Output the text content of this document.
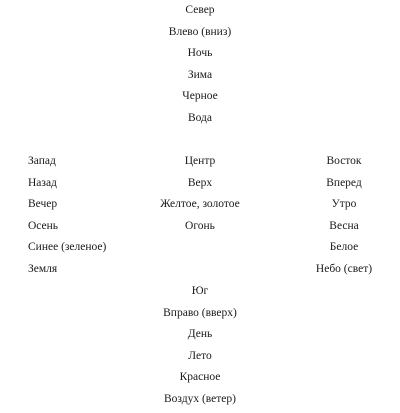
Север
Влево (вниз)
Ночь
Зима
Черное
Вода
Запад
Назад
Вечер
Осень
Синее (зеленое)
Земля
Центр
Верх
Желтое, золотое
Огонь
Восток
Вперед
Утро
Весна
Белое
Небо (свет)
Юг
Вправо (вверх)
День
Лето
Красное
Воздух (ветер)
